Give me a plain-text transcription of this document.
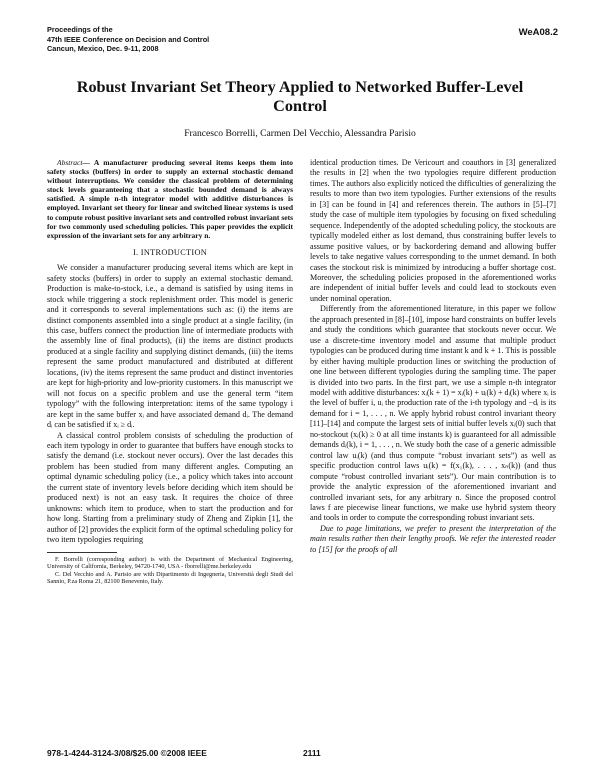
Proceedings of the
47th IEEE Conference on Decision and Control
Cancun, Mexico, Dec. 9-11, 2008
WeA08.2
Robust Invariant Set Theory Applied to Networked Buffer-Level Control
Francesco Borrelli, Carmen Del Vecchio, Alessandra Parisio

Abstract— A manufacturer producing several items keeps them into safety stocks (buffers) in order to supply an external stochastic demand without interruptions. We consider the classical problem of determining stock levels guaranteeing that a stochastic bounded demand is always satisfied. A simple n-th integrator model with additive disturbances is employed. Invariant set theory for linear and switched linear systems is used to compute robust positive invariant sets and controlled robust invariant sets for two commonly used scheduling policies. This paper provides the explicit expression of the invariant sets for any arbitrary n.

I. INTRODUCTION

We consider a manufacturer producing several items which are kept in safety stocks (buffers) in order to supply an external stochastic demand. Production is make-to-stock, i.e., a demand is satisfied by using items in stock while triggering a stock replenishment order. This model is generic and it corresponds to several implementations such as: (i) the items are distinct components assembled into a single product at a single facility, (in this case, buffers connect the production line of intermediate products with the assembly line of final products), (ii) the items are distinct products produced at a single facility and supplying distinct demands, (iii) the items represent the same product manufactured and distributed at different locations, (iv) the items represent the same product and distinct inventories are kept for high-priority and low-priority customers. In this manuscript we will not focus on a specific problem and use the general term “item typology” with the following interpretation: items of the same typology i are kept in the same buffer xᵢ and have associated demand dᵢ. The demand dᵢ can be satisfied if xᵢ ≥ dᵢ.

A classical control problem consists of scheduling the production of each item typology in order to guarantee that buffers have enough stocks to satisfy the demand (i.e. stockout never occurs). Over the last decades this problem has been studied from many different angles. Computing an optimal dynamic scheduling policy (i.e., a policy which takes into account the current state of inventory levels before deciding which item should be produced next) is not an easy task. It requires the choice of three unknowns: which item to produce, when to start the production and for how long. Starting from a preliminary study of Zheng and Zipkin [1], the author of [2] provides the explicit form of the optimal scheduling policy for two item typologies requiring

F. Borrelli (corresponding author) is with the Department of Mechanical Engineering, University of California, Berkeley, 94720-1740, USA - fborrelli@me.berkeley.edu

C. Del Vecchio and A. Parisio are with Dipartimento di Ingegneria, Università degli Studi del Sannio, P.za Roma 21, 82100 Benevento, Italy.

identical production times. De Vericourt and coauthors in [3] generalized the results in [2] when the two typologies require different production times. The authors also explicitly noticed the difficulties of generalizing the results to more than two item typologies. Further extensions of the results in [3] can be found in [4] and references therein. The authors in [5]–[7] study the case of multiple item typologies by focusing on fixed scheduling sequence. Independently of the adopted scheduling policy, the stockouts are typically modeled either as lost demand, thus constraining buffer levels to assume positive values, or by backordering demand and allowing buffer levels to take negative values corresponding to the unmet demand. In both cases the stockout risk is minimized by introducing a buffer shortage cost. Moreover, the scheduling policies proposed in the aforementioned works are independent of initial buffer levels and could lead to stockouts even under nominal operation.

Differently from the aforementioned literature, in this paper we follow the approach presented in [8]–[10], impose hard constraints on buffer levels and study the conditions which guarantee that stockouts never occur. We use a discrete-time inventory model and assume that multiple product typologies can be produced during time instant k and k + 1. This is possible by either having multiple production lines or switching the production of one line between different typologies during the sampling time. The paper is divided into two parts. In the first part, we use a simple n-th integrator model with additive disturbances: xᵢ(k + 1) = xᵢ(k) + uᵢ(k) + dᵢ(k) where xᵢ is the level of buffer i, uᵢ the production rate of the i-th typology and −dᵢ is its demand for i = 1, . . . , n. We apply hybrid robust control invariant theory [11]–[14] and compute the largest sets of initial buffer levels xᵢ(0) such that no-stockout (xᵢ(k) ≥ 0 at all time instants k) is guaranteed for all admissible demands dᵢ(k), i = 1, . . . , n. We study both the case of a generic admissible control law uᵢ(k) (and thus compute “robust invariant sets”) as well as specific production control laws uᵢ(k) = f(x₁(k), . . . , xₙ(k)) (and thus compute “robust controlled invariant sets”). Our main contribution is to provide the analytic expression of the aforementioned invariant and controlled invariant sets, for any arbitrary n. Since the proposed control laws f are piecewise linear functions, we make use hybrid system theory and tools in order to compute the corresponding robust invariant sets.

Due to page limitations, we prefer to present the interpretation of the main results rather then their lengthy proofs. We refer the interested reader to [15] for the proofs of all

978-1-4244-3124-3/08/$25.00 ©2008 IEEE	2111
